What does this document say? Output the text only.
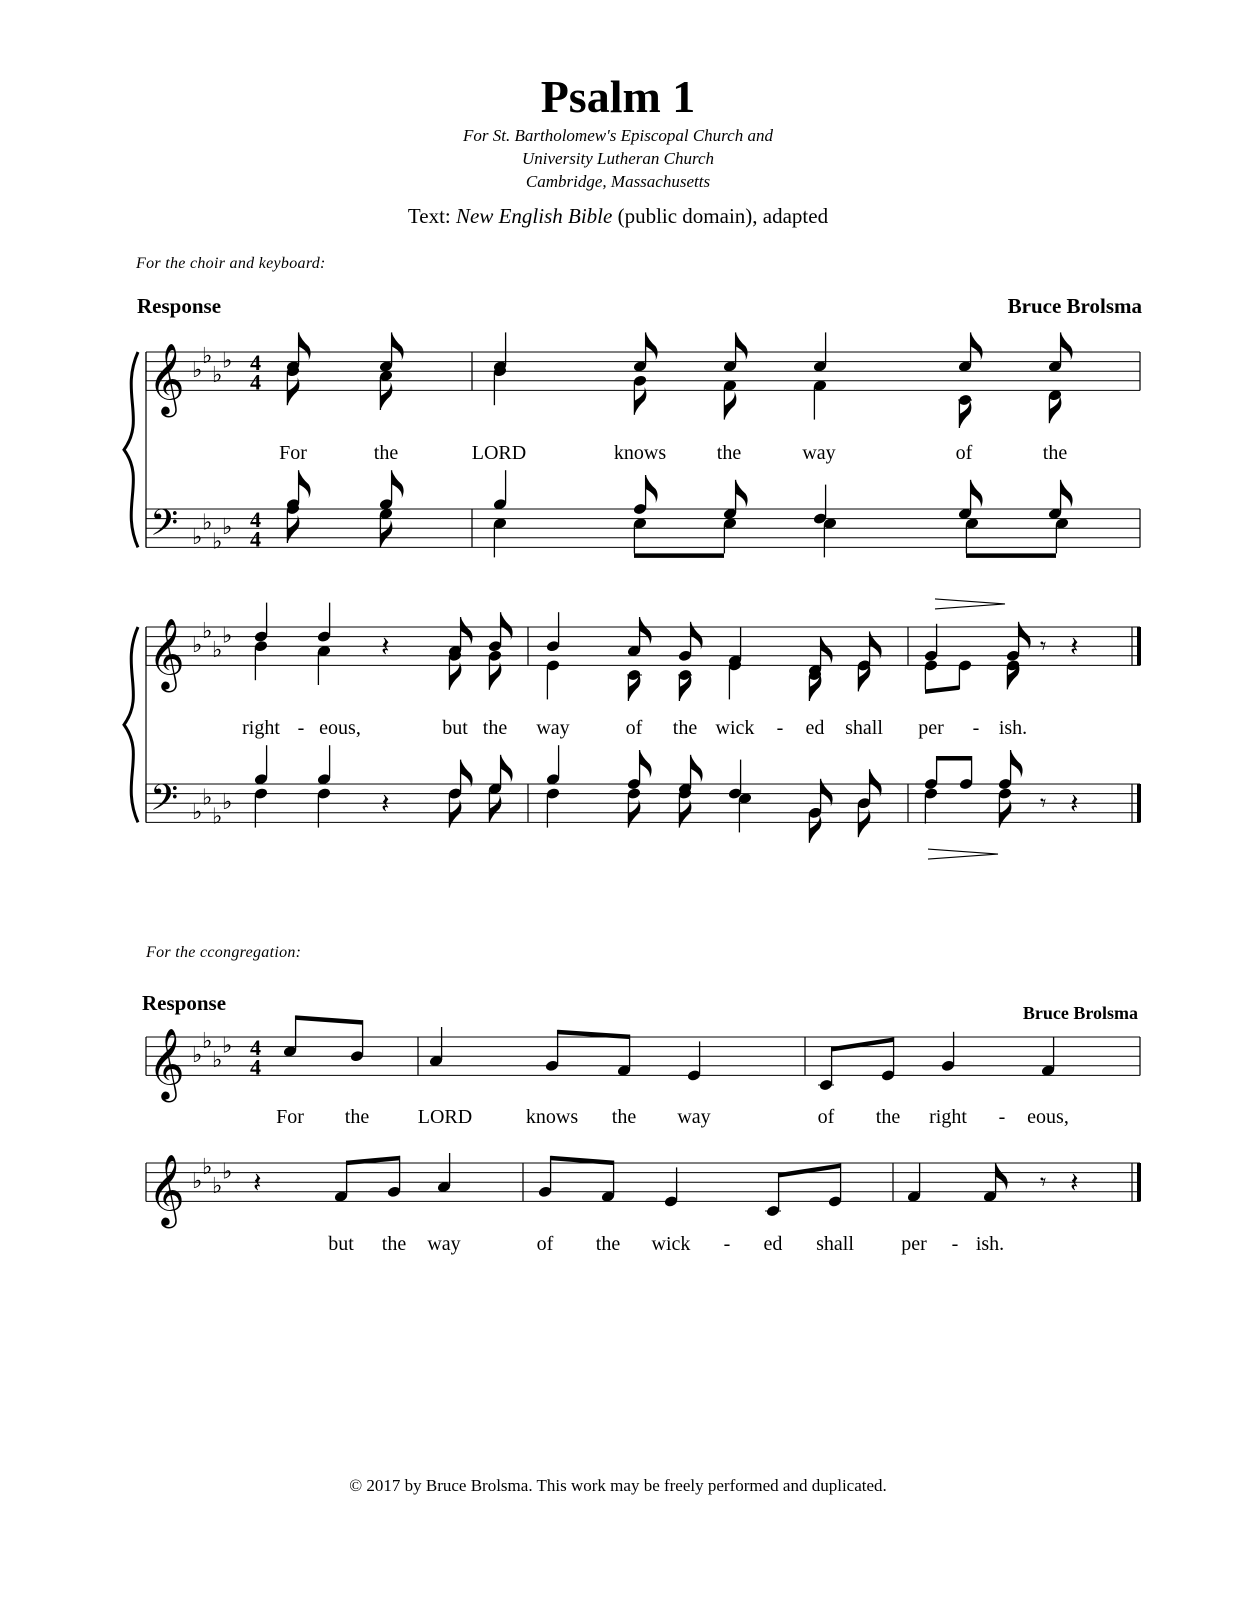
Psalm 1
For St. Bartholomew's Episcopal Church and
University Lutheran Church
Cambridge, Massachusetts
Text: New English Bible (public domain), adapted
For the choir and keyboard:
Response	Bruce Brolsma
For the ccongregation:
Response	Bruce Brolsma
For	the	LORD	knows	the	way	of	the
right - eous,	but the way	of the wick - ed shall per - ish.
For the LORD	knows the way	of the right - eous,
but the way	of the wick - ed shall per - ish.
𝄞
𝄢
♭
♭
♭
♭
♭
♭
♭
♭
4
4
4
4
𝄞
𝄢
♭
♭
♭
♭
♭
♭
♭
♭
𝄽	𝄾 𝄽
𝄽	𝄾 𝄽
𝄞 ♭
♭
♭
♭ 4
4
𝄞 ♭
♭
♭
♭ 𝄽	𝄾 𝄽
© 2017 by Bruce Brolsma. This work may be freely performed and duplicated.
